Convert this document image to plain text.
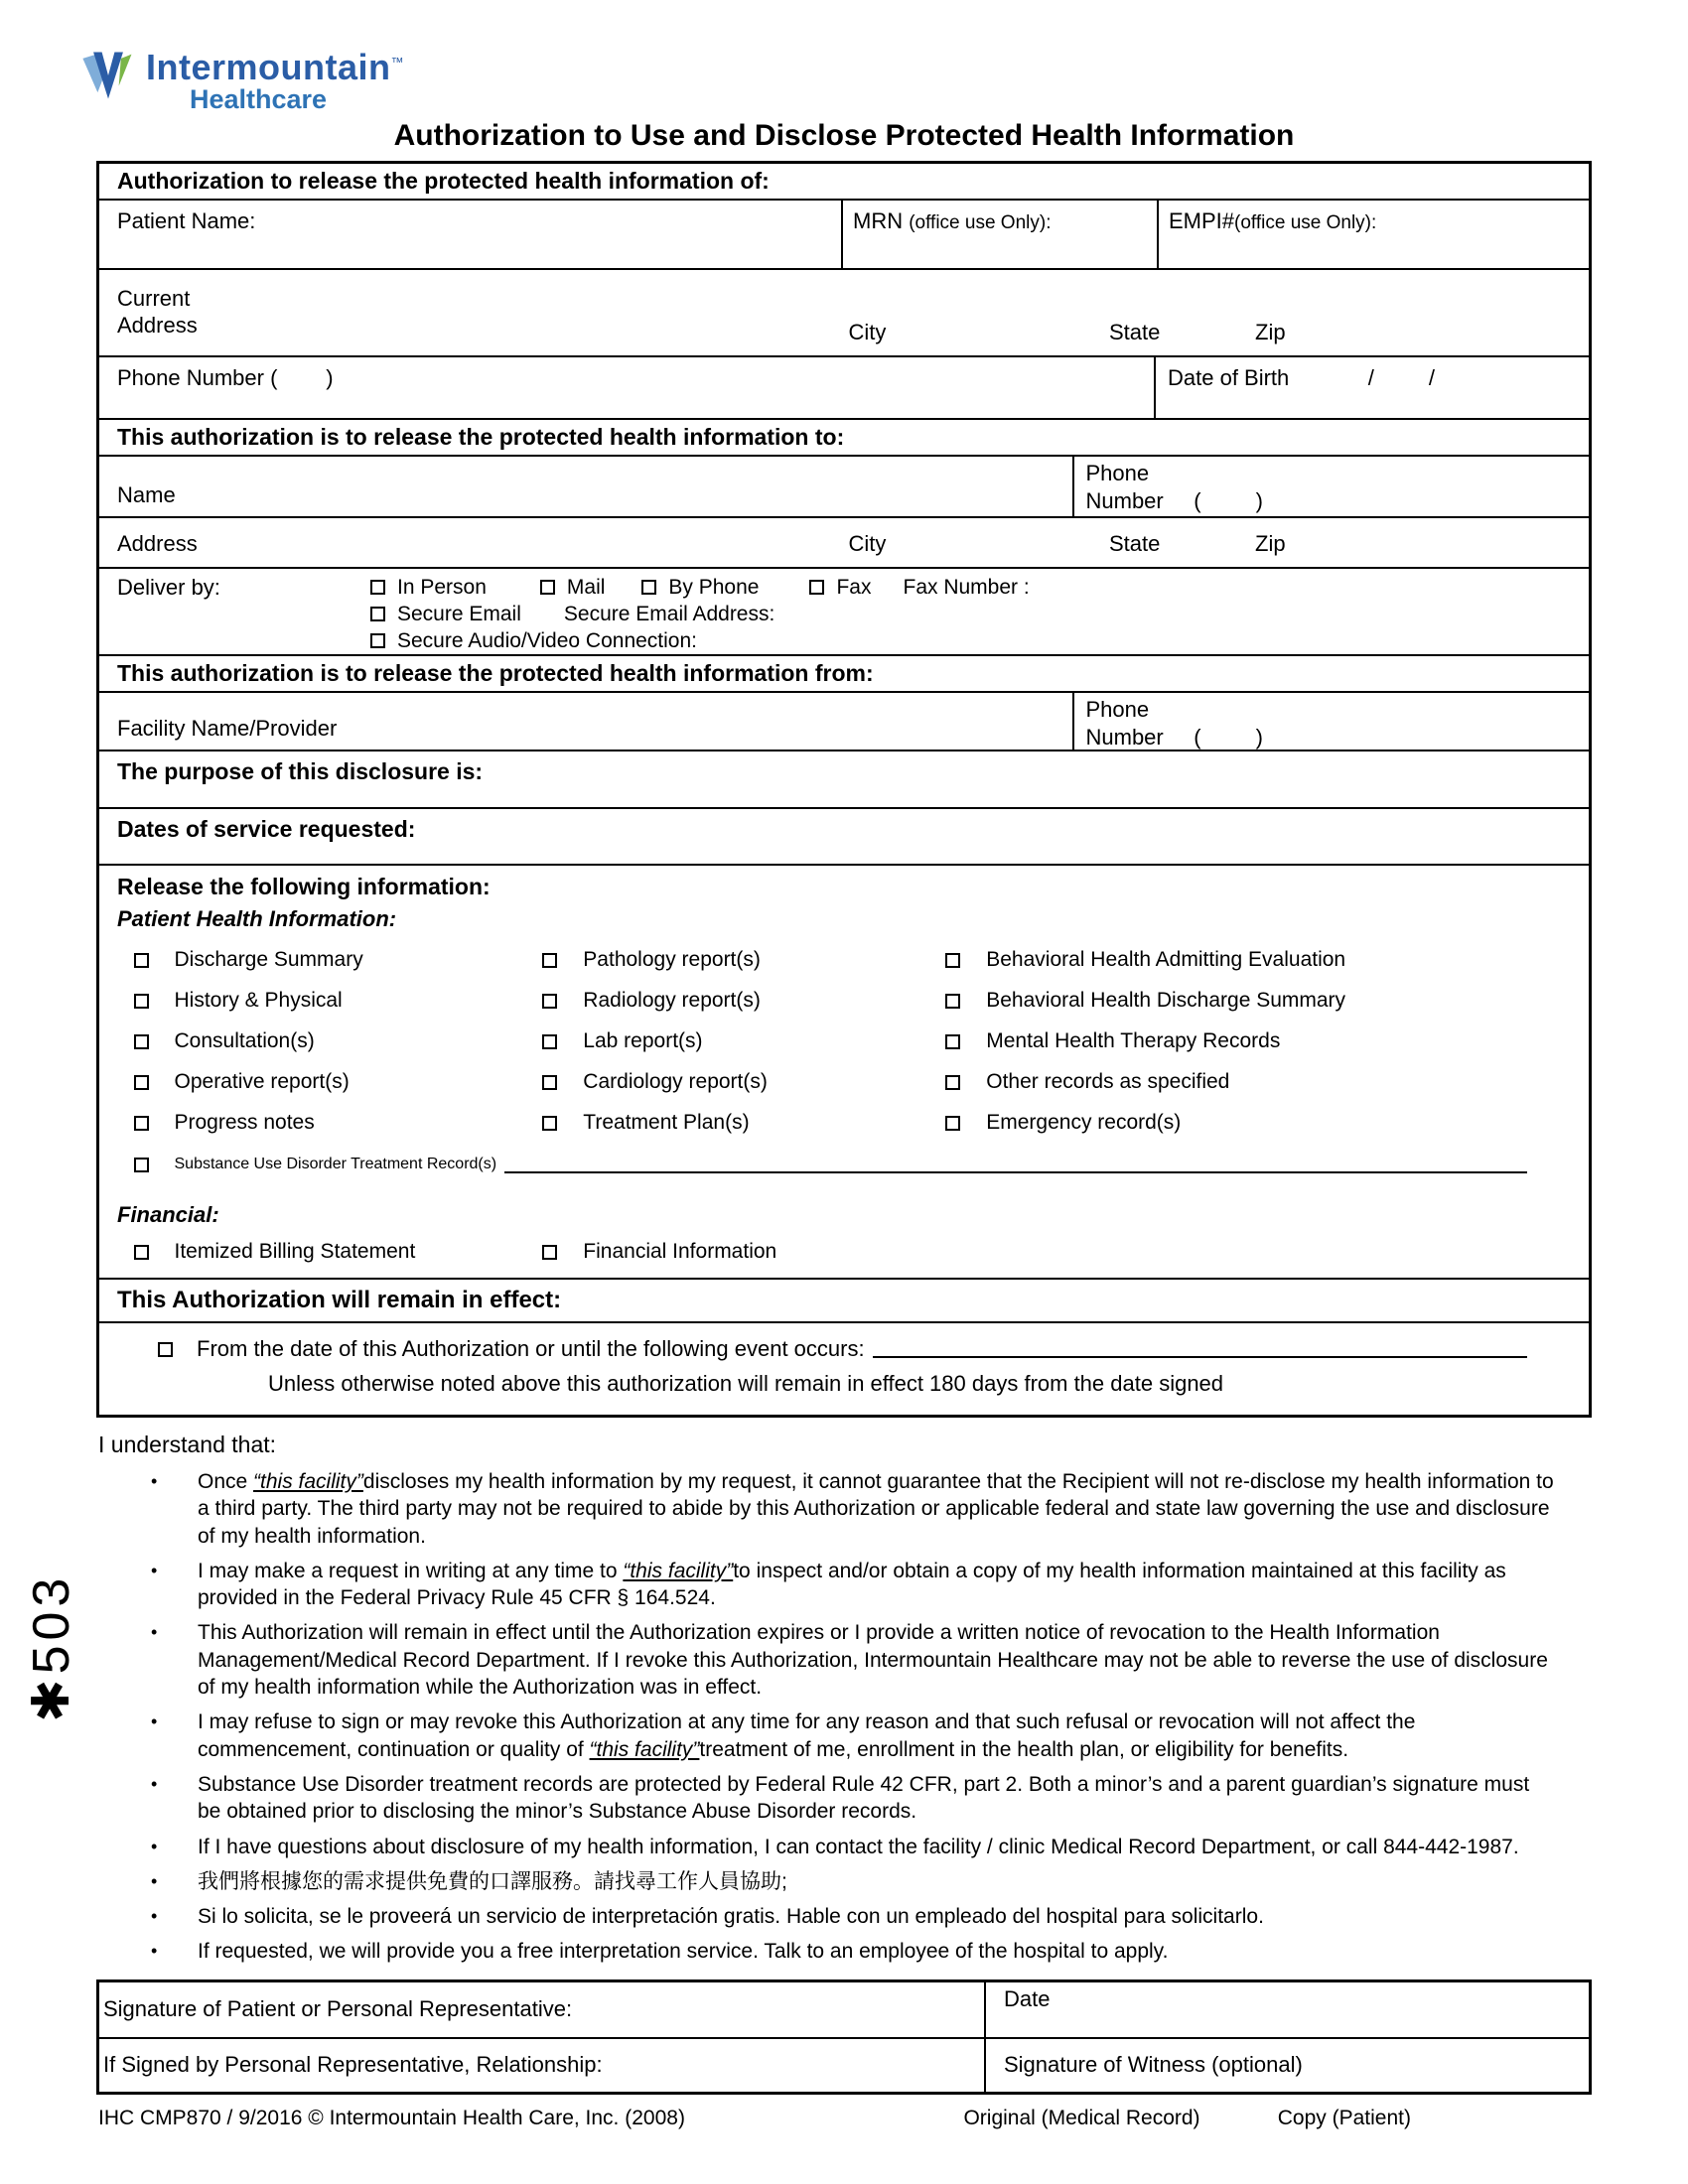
Intermountain™
Healthcare
Authorization to Use and Disclose Protected Health Information
Authorization to release the protected health information of:
Patient Name:	MRN (office use Only):	EMPI#(office use Only):
Current
Address	City	State	Zip
Phone Number (        )	Date of Birth             /         /
This authorization is to release the protected health information to:
Name
Phone
Number     (         )
Address	City	State	Zip
Deliver by:	In Person	Mail	By Phone	Fax Fax Number :
Secure Email Secure Email Address:
Secure Audio/Video Connection:
This authorization is to release the protected health information from:
Facility Name/Provider
Phone
Number     (         )
The purpose of this disclosure is:
Dates of service requested:
Release the following information:
Patient Health Information:
Discharge Summary	Pathology report(s)	Behavioral Health Admitting Evaluation
History & Physical	Radiology report(s)	Behavioral Health Discharge Summary
Consultation(s)	Lab report(s)	Mental Health Therapy Records
Operative report(s)	Cardiology report(s)	Other records as specified
Progress notes	Treatment Plan(s)	Emergency record(s)
Substance Use Disorder Treatment Record(s)
Financial:
Itemized Billing Statement	Financial Information
This Authorization will remain in effect:
From the date of this Authorization or until the following event occurs:
Unless otherwise noted above this authorization will remain in effect 180 days from the date signed
I understand that:
•	Once “this facility”discloses my health information by my request, it cannot guarantee that the Recipient will not re-disclose my health information to a third party. The third party may not be required to abide by this Authorization or applicable federal and state law governing the use and disclosure of my health information.
•	I may make a request in writing at any time to “this facility”to inspect and/or obtain a copy of my health information maintained at this facility as provided in the Federal Privacy Rule 45 CFR § 164.524.
•	This Authorization will remain in effect until the Authorization expires or I provide a written notice of revocation to the Health Information Management/Medical Record Department. If I revoke this Authorization, Intermountain Healthcare may not be able to reverse the use of disclosure of my health information while the Authorization was in effect.
•	I may refuse to sign or may revoke this Authorization at any time for any reason and that such refusal or revocation will not affect the commencement, continuation or quality of “this facility”treatment of me, enrollment in the health plan, or eligibility for benefits.
•	Substance Use Disorder treatment records are protected by Federal Rule 42 CFR, part 2. Both a minor’s and a parent guardian’s signature must be obtained prior to disclosing the minor’s Substance Abuse Disorder records.
•	If I have questions about disclosure of my health information, I can contact the facility / clinic Medical Record Department, or call 844-442-1987.
•	我們將根據您的需求提供免費的口譯服務。請找尋工作人員協助;
•	Si lo solicita, se le proveerá un servicio de interpretación gratis. Hable con un empleado del hospital para solicitarlo.
•	If requested, we will provide you a free interpretation service. Talk to an employee of the hospital to apply.
Signature of Patient or Personal Representative:	Date
If Signed by Personal Representative, Relationship:	Signature of Witness (optional)
IHC CMP870 / 9/2016 © Intermountain Health Care, Inc. (2008)	Original (Medical Record)	Copy (Patient)
✱503
